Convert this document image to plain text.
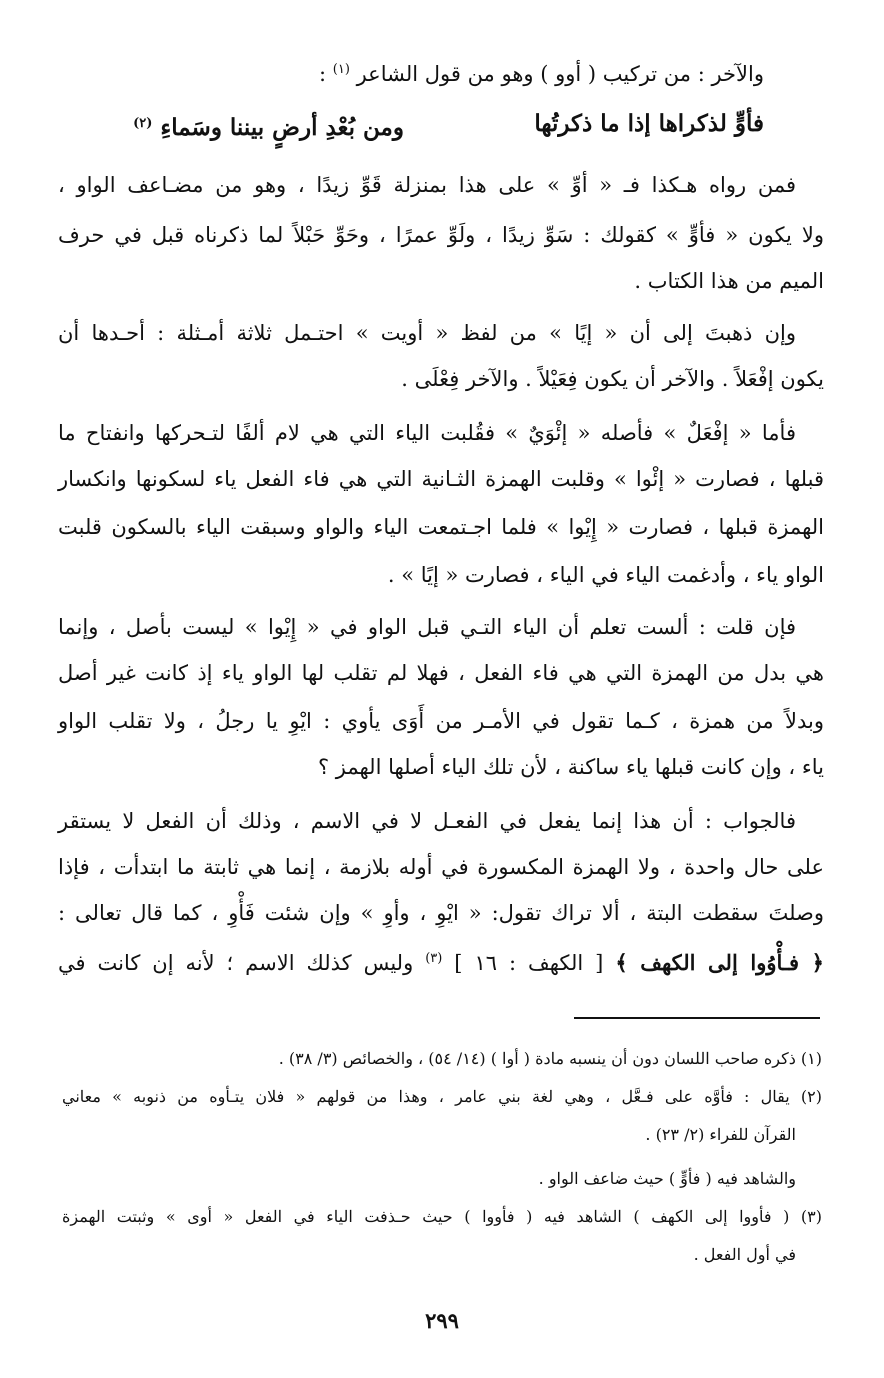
والآخر : من تركيب ( أوو ) وهو من قول الشاعر $^{(١)}$ :
فأوٍّ لذكراها إذا ما ذكرتُها
ومن بُعْدِ أرضٍ بيننا وسَماءِ $^{(٢)}$
فمن رواه هـكذا فـ « أوِّ » على هذا بمنزلة قَوِّ زيدًا ، وهو من مضـاعف الواو ،
ولا يكون « فأوٍّ » كقولك : سَوِّ زيدًا ، ولَوِّ عمرًا ، وحَوِّ حَبْلاً لما ذكرناه قبل في حرف
الميم من هذا الكتاب .
وإن ذهبتَ إلى أن « إيًا » من لفظ « أويت » احتـمل ثلاثة أمـثلة : أحـدها أن
يكون إفْعَلاً . والآخر أن يكون فِعَيْلاً . والآخر فِعْلَى .
فأما « إفْعَلٌ » فأصله « إئْوَيٌ » فقُلبت الياء التي هي لام ألفًا لتـحركها وانفتاح ما
قبلها ، فصارت « إئْوا » وقلبت الهمزة الثـانية التي هي فاء الفعل ياء لسكونها وانكسار
الهمزة قبلها ، فصارت « إِيْوا » فلما اجـتمعت الياء والواو وسبقت الياء بالسكون قلبت
الواو ياء ، وأدغمت الياء في الياء ، فصارت « إيًا » .
فإن قلت : ألست تعلم أن الياء التـي قبل الواو في « إِيْوا » ليست بأصل ، وإنما
هي بدل من الهمزة التي هي فاء الفعل ، فهلا لم تقلب لها الواو ياء إذ كانت غير أصل
وبدلاً من همزة ، كـما تقول في الأمـر من أَوَى يأوي : ايْوِ يا رجلُ ، ولا تقلب الواو
ياء ، وإن كانت قبلها ياء ساكنة ، لأن تلك الياء أصلها الهمز ؟
فالجواب : أن هذا إنما يفعل في الفعـل لا في الاسم ، وذلك أن الفعل لا يستقر
على حال واحدة ، ولا الهمزة المكسورة في أوله بلازمة ، إنما هي ثابتة ما ابتدأت ، فإذا
وصلتَ سقطت البتة ، ألا تراك تقول: « ايْوِ ، وأوِ » وإن شئت فَأْوِ ، كما قال تعالى :
﴿ فـأْوُوا إلى الكهف ﴾ [ الكهف : ١٦ ] $^{(٣)}$ وليس كذلك الاسم ؛ لأنه إن كانت في
(١) ذكره صاحب اللسان دون أن ينسبه مادة ( أوا ) (١٤/ ٥٤) ، والخصائص (٣/ ٣٨) .
(٢) يقال : فأوَّه على فـعَّل ، وهي لغة بني عامر ، وهذا من قولهم « فلان يتـأوه من ذنوبه » معاني
القرآن للفراء (٢/ ٢٣) .
والشاهد فيه ( فأوٍّ ) حيث ضاعف الواو .
(٣) ( فأووا إلى الكهف ) الشاهد فيه ( فأووا ) حيث حـذفت الياء في الفعل « أوى » وثبتت الهمزة
في أول الفعل .
٢٩٩
